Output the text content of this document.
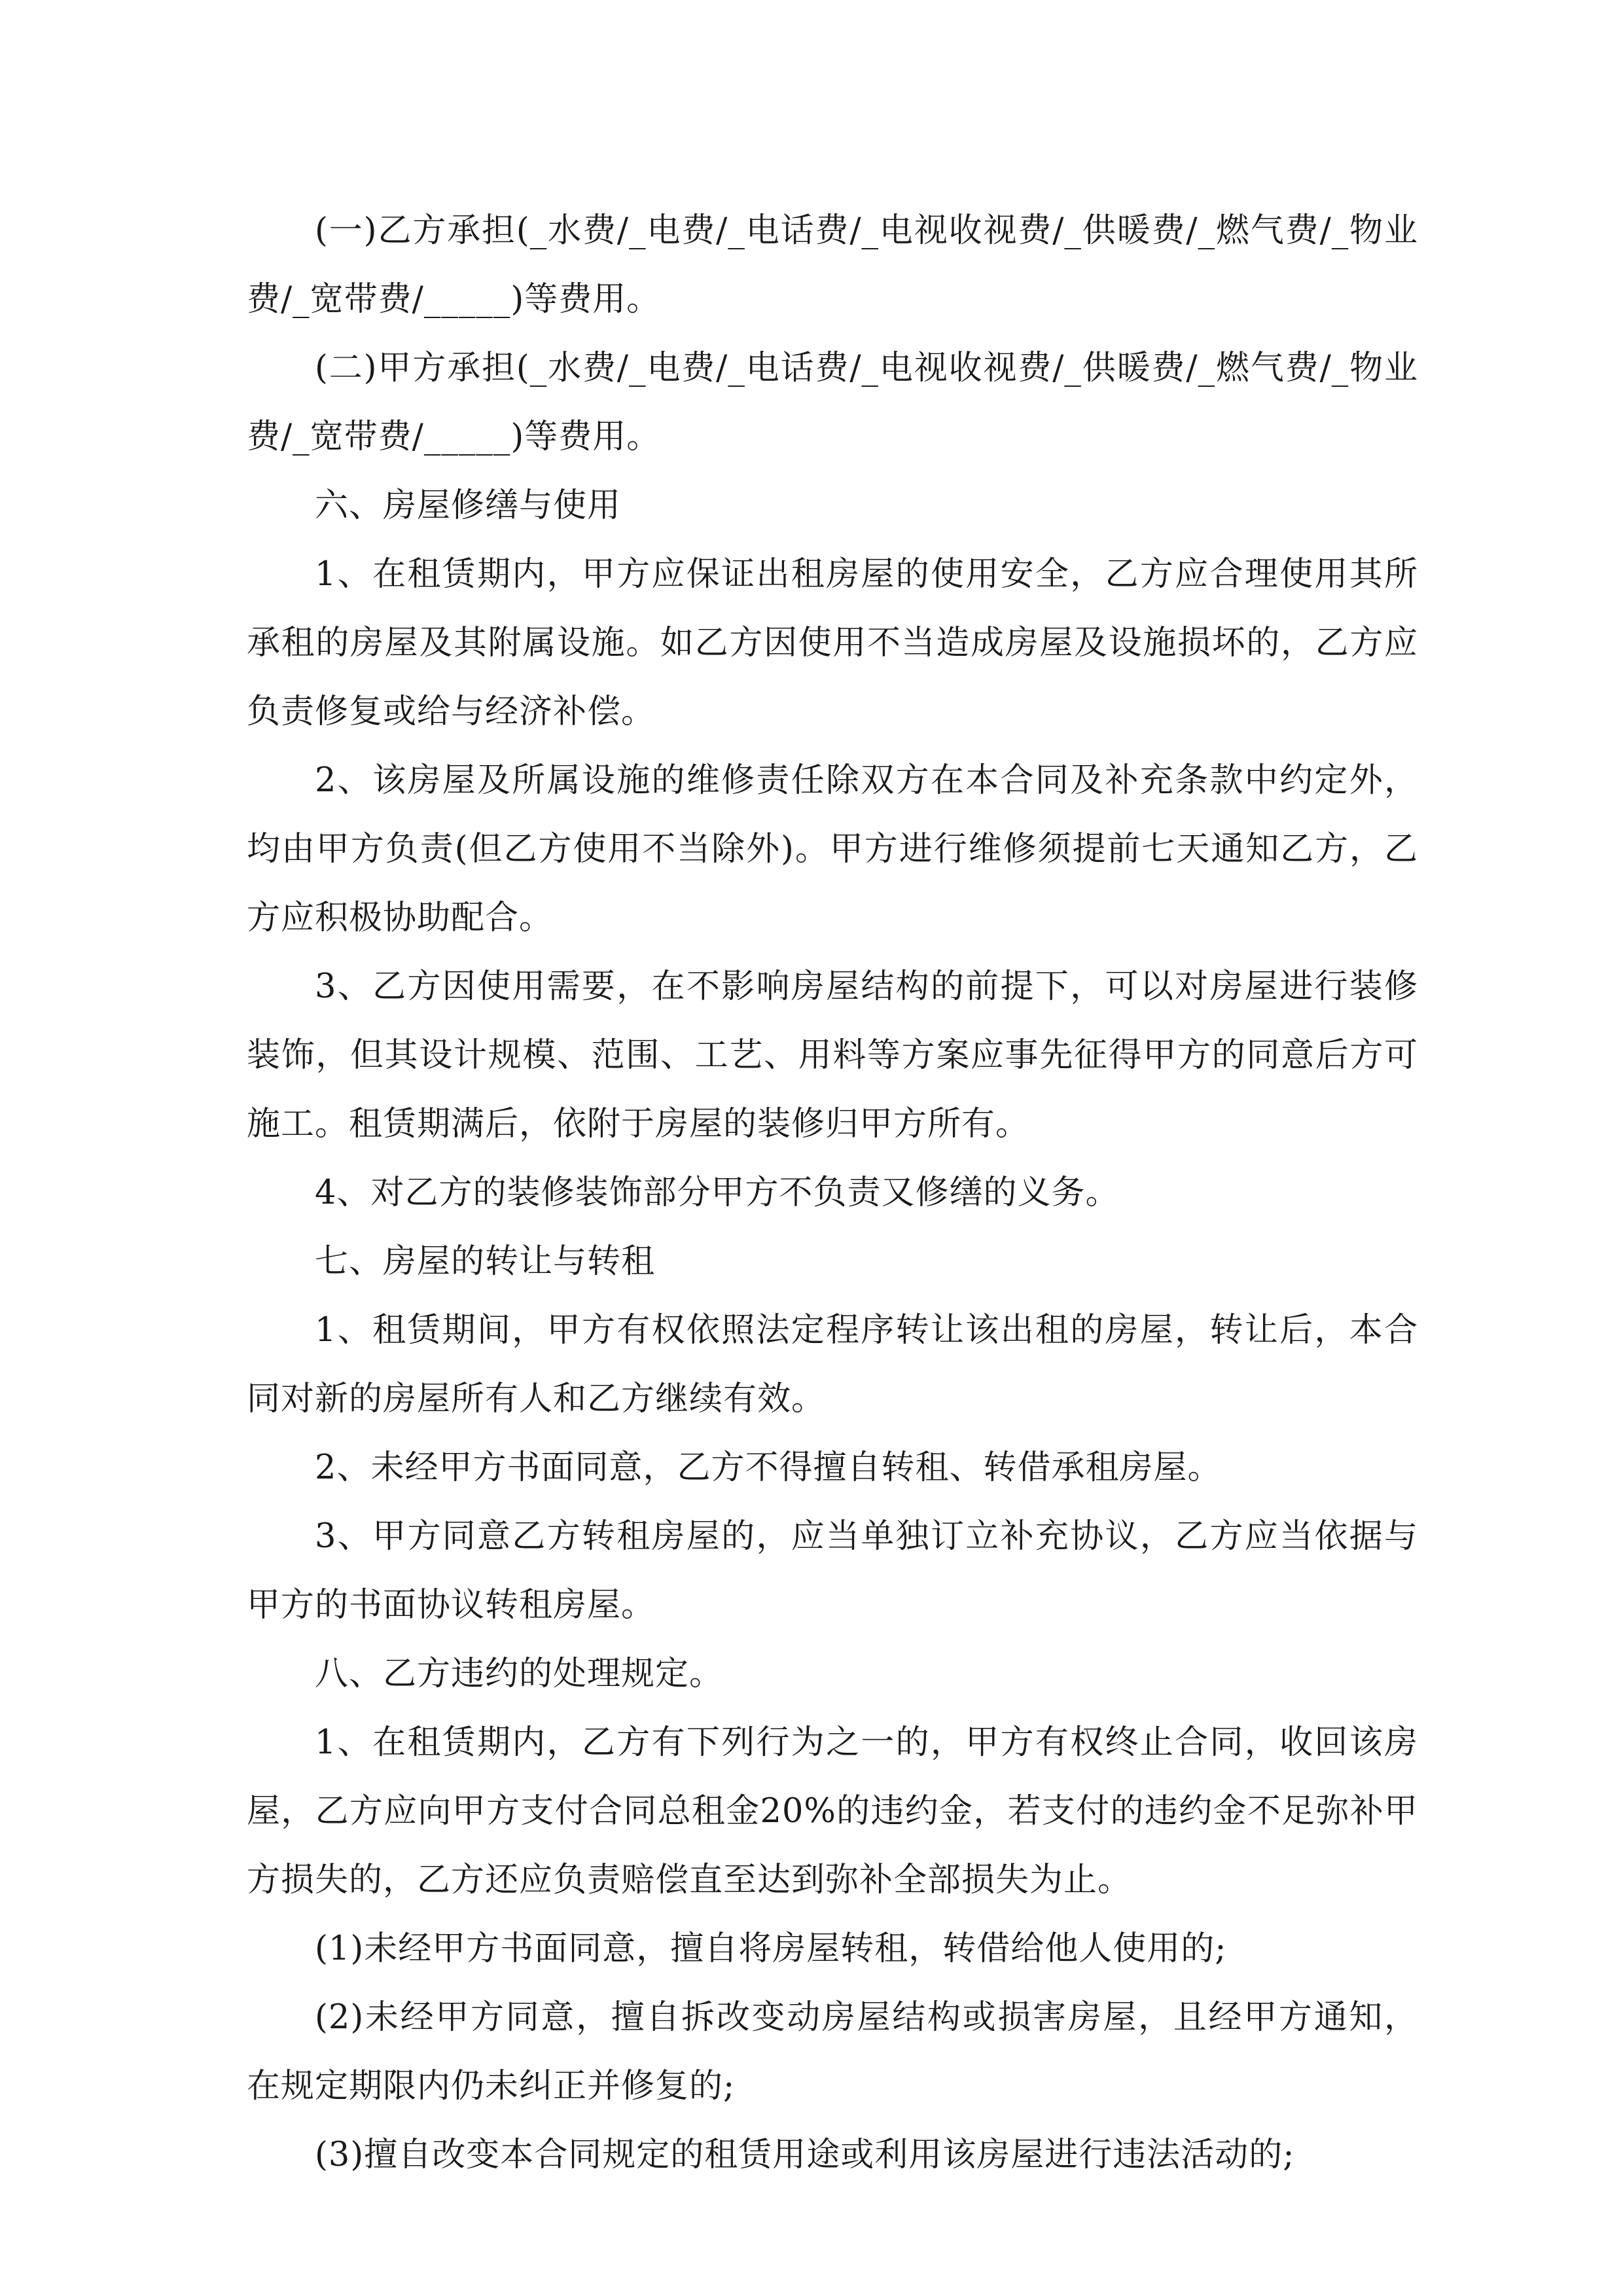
(一)乙方承担(_水费/_电费/_电话费/_电视收视费/_供暖费/_燃气费/_物业费/_宽带费/_____)等费用。

(二)甲方承担(_水费/_电费/_电话费/_电视收视费/_供暖费/_燃气费/_物业费/_宽带费/_____)等费用。

六、房屋修缮与使用

1、在租赁期内，甲方应保证出租房屋的使用安全，乙方应合理使用其所承租的房屋及其附属设施。如乙方因使用不当造成房屋及设施损坏的，乙方应负责修复或给与经济补偿。

2、该房屋及所属设施的维修责任除双方在本合同及补充条款中约定外，均由甲方负责(但乙方使用不当除外)。甲方进行维修须提前七天通知乙方，乙方应积极协助配合。

3、乙方因使用需要，在不影响房屋结构的前提下，可以对房屋进行装修装饰，但其设计规模、范围、工艺、用料等方案应事先征得甲方的同意后方可施工。租赁期满后，依附于房屋的装修归甲方所有。

4、对乙方的装修装饰部分甲方不负责又修缮的义务。

七、房屋的转让与转租

1、租赁期间，甲方有权依照法定程序转让该出租的房屋，转让后，本合同对新的房屋所有人和乙方继续有效。

2、未经甲方书面同意，乙方不得擅自转租、转借承租房屋。

3、甲方同意乙方转租房屋的，应当单独订立补充协议，乙方应当依据与甲方的书面协议转租房屋。

八、乙方违约的处理规定。

1、在租赁期内，乙方有下列行为之一的，甲方有权终止合同，收回该房屋，乙方应向甲方支付合同总租金20%的违约金，若支付的违约金不足弥补甲方损失的，乙方还应负责赔偿直至达到弥补全部损失为止。

(1)未经甲方书面同意，擅自将房屋转租，转借给他人使用的;

(2)未经甲方同意，擅自拆改变动房屋结构或损害房屋，且经甲方通知，在规定期限内仍未纠正并修复的;

(3)擅自改变本合同规定的租赁用途或利用该房屋进行违法活动的;
